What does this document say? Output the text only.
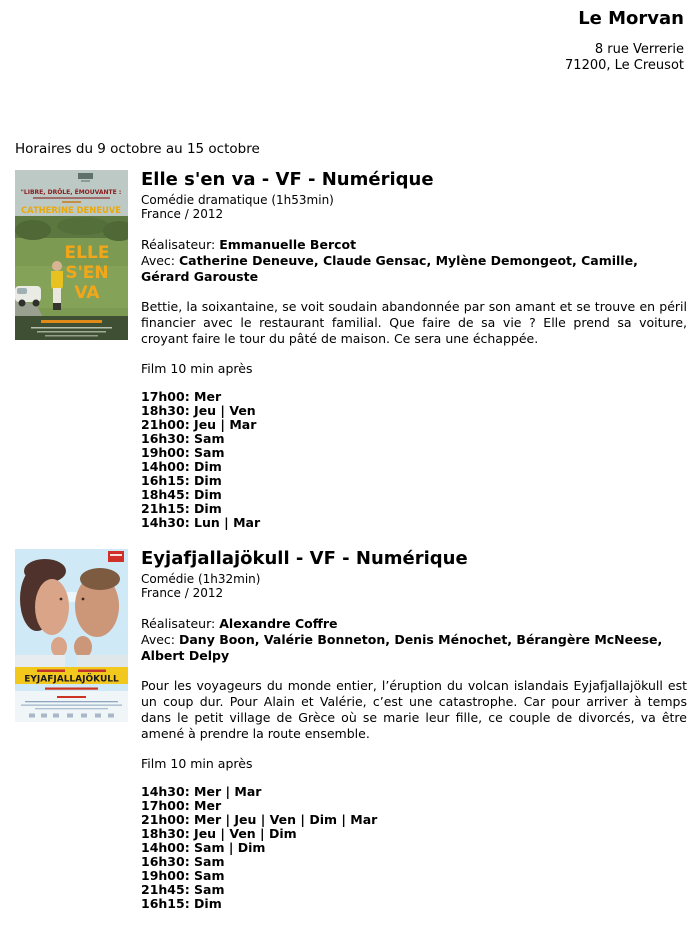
Le Morvan
8 rue Verrerie
71200, Le Creusot
Horaires du 9 octobre au 15 octobre
"LIBRE, DRÔLE, ÉMOUVANTE :
CATHERINE DENEUVE
ELLE
S'EN
VA
Elle s'en va - VF - Numérique
Comédie dramatique (1h53min)
France / 2012
Réalisateur: Emmanuelle Bercot
Avec: Catherine Deneuve, Claude Gensac, Mylène Demongeot, Camille, Gérard Garouste
Bettie, la soixantaine, se voit soudain abandonnée par son amant et se trouve en péril financier avec le restaurant familial. Que faire de sa vie ? Elle prend sa voiture, croyant faire le tour du pâté de maison. Ce sera une échappée.
Film 10 min après
17h00: Mer
18h30: Jeu | Ven
21h00: Jeu | Mar
16h30: Sam
19h00: Sam
14h00: Dim
16h15: Dim
18h45: Dim
21h15: Dim
14h30: Lun | Mar
EYJAFJALLAJÖKULL
Eyjafjallajökull - VF - Numérique
Comédie (1h32min)
France / 2012
Réalisateur: Alexandre Coffre
Avec: Dany Boon, Valérie Bonneton, Denis Ménochet, Bérangère McNeese, Albert Delpy
Pour les voyageurs du monde entier, l’éruption du volcan islandais Eyjafjallajökull est un coup dur. Pour Alain et Valérie, c’est une catastrophe. Car pour arriver à temps dans le petit village de Grèce où se marie leur fille, ce couple de divorcés, va être amené à prendre la route ensemble.
Film 10 min après
14h30: Mer | Mar
17h00: Mer
21h00: Mer | Jeu | Ven | Dim | Mar
18h30: Jeu | Ven | Dim
14h00: Sam | Dim
16h30: Sam
19h00: Sam
21h45: Sam
16h15: Dim
